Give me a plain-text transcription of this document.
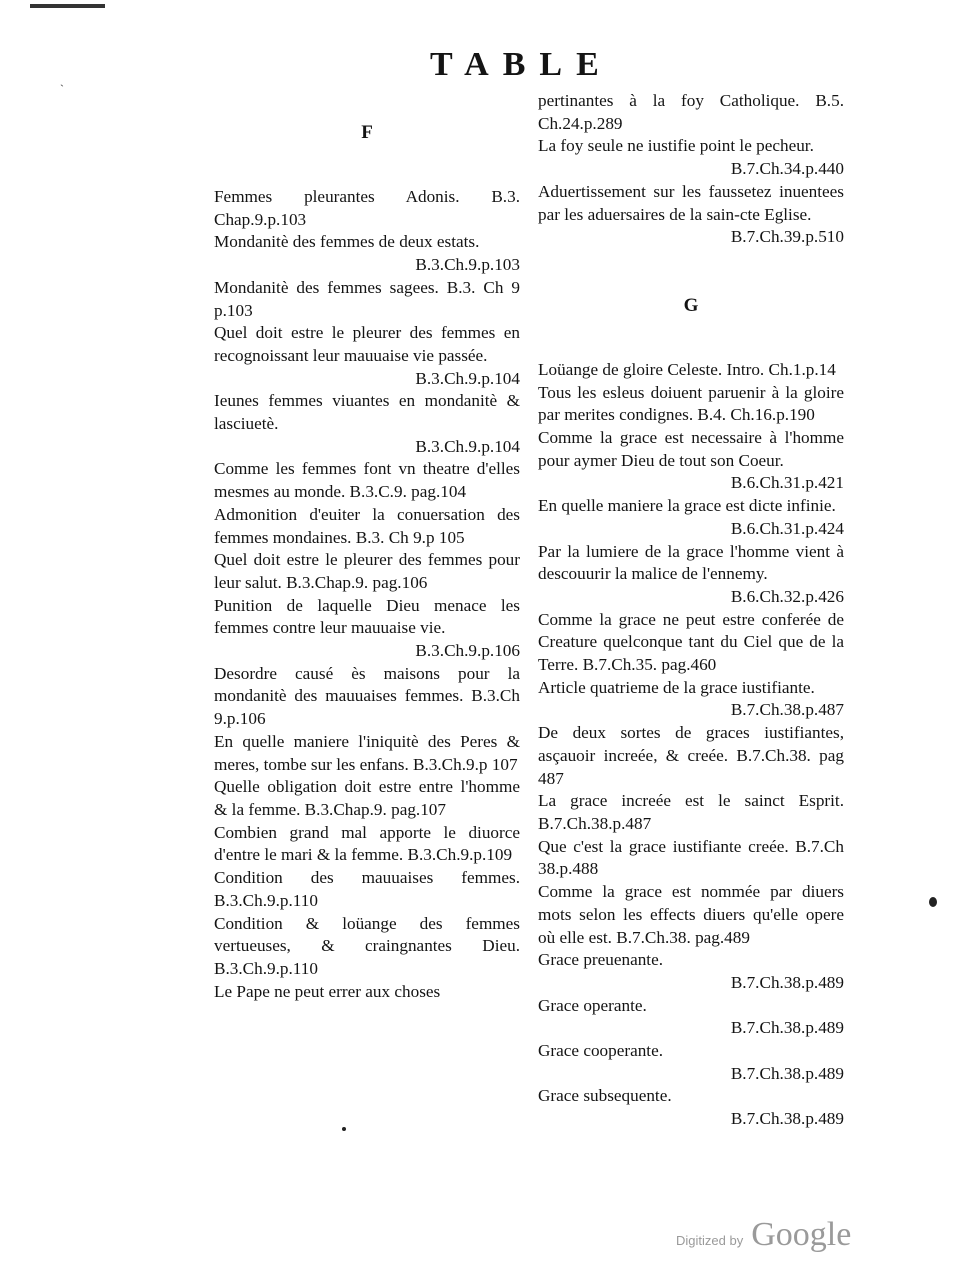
TABLE

F

Femmes pleurantes Adonis. B.3. Chap.9.p.103

Mondanitè des femmes de deux estats.
B.3.Ch.9.p.103

Mondanitè des femmes sagees. B.3. Ch 9 p.103

Quel doit estre le pleurer des femmes en recognoissant leur mauuaise vie passée.
B.3.Ch.9.p.104

Ieunes femmes viuantes en mondanitè & lasciuetè.
B.3.Ch.9.p.104

Comme les femmes font vn theatre d'elles mesmes au monde. B.3.C.9. pag.104

Admonition d'euiter la conuersation des femmes mondaines. B.3. Ch 9.p 105

Quel doit estre le pleurer des femmes pour leur salut. B.3.Chap.9. pag.106

Punition de laquelle Dieu menace les femmes contre leur mauuaise vie.
B.3.Ch.9.p.106

Desordre causé ès maisons pour la mondanitè des mauuaises femmes. B.3.Ch 9.p.106

En quelle maniere l'iniquitè des Peres & meres, tombe sur les enfans. B.3.Ch.9.p 107

Quelle obligation doit estre entre l'homme & la femme. B.3.Chap.9. pag.107

Combien grand mal apporte le diuorce d'entre le mari & la femme. B.3.Ch.9.p.109

Condition des mauuaises femmes. B.3.Ch.9.p.110

Condition & loüange des femmes vertueuses, & craingnantes Dieu. B.3.Ch.9.p.110

Le Pape ne peut errer aux choses

pertinantes à la foy Catholique. B.5. Ch.24.p.289

La foy seule ne iustifie point le pecheur.
B.7.Ch.34.p.440

Aduertissement sur les faussetez inuentees par les aduersaires de la sain-cte Eglise.
B.7.Ch.39.p.510

G

Loüange de gloire Celeste. Intro. Ch.1.p.14

Tous les esleus doiuent paruenir à la gloire par merites condignes. B.4. Ch.16.p.190

Comme la grace est necessaire à l'homme pour aymer Dieu de tout son Coeur.
B.6.Ch.31.p.421

En quelle maniere la grace est dicte infinie.
B.6.Ch.31.p.424

Par la lumiere de la grace l'homme vient à descouurir la malice de l'ennemy.
B.6.Ch.32.p.426

Comme la grace ne peut estre conferée de Creature quelconque tant du Ciel que de la Terre. B.7.Ch.35. pag.460

Article quatrieme de la grace iustifiante.
B.7.Ch.38.p.487

De deux sortes de graces iustifiantes, asçauoir increée, & creée. B.7.Ch.38. pag 487

La grace increée est le sainct Esprit. B.7.Ch.38.p.487

Que c'est la grace iustifiante creée. B.7.Ch 38.p.488

Comme la grace est nommée par diuers mots selon les effects diuers qu'elle opere où elle est. B.7.Ch.38. pag.489

Grace preuenante.
B.7.Ch.38.p.489

Grace operante.
B.7.Ch.38.p.489

Grace cooperante.
B.7.Ch.38.p.489

Grace subsequente.
B.7.Ch.38.p.489

Digitized by Google
`
